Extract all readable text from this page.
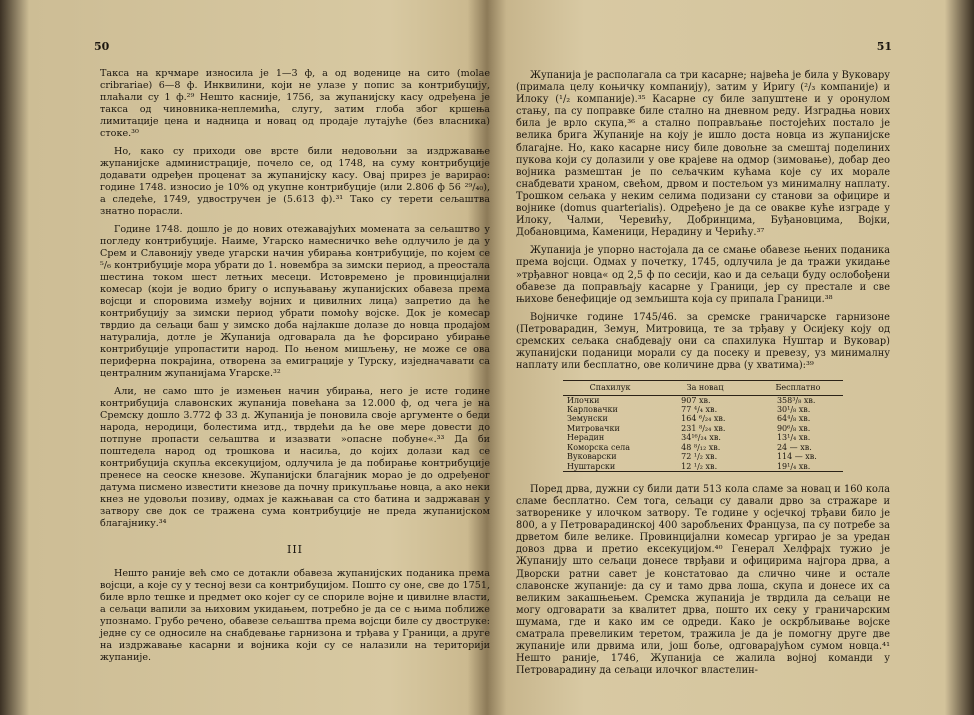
50

Такса на крчмаре износила је 1—3 ф, а од воденице на сито (molae cribrariae) 6—8 ф. Инквилини, који не улазе у попис за контрибуцију, плаћали су 1 ф.²⁹ Нешто касније, 1756, за жупанијску касу одређена је такса од чиновника-неплемића, слугу, затим глоба због кршења лимитације цена и надница и новац од продаје лутајуће (без власника) стоке.³⁰

Но, како су приходи ове врсте били недовољни за издржавање жупанијске администрације, почело се, од 1748, на суму контрибуције додавати одређен проценат за жупанијску касу. Овај прирез је варирао: године 1748. износио је 10% од укупне контрибуције (или 2.806 ф 56 ²⁹/₄₀), а следеће, 1749, удвостручен је (5.613 ф).³¹ Тако су терети сељаштва знатно порасли.

Године 1748. дошло је до нових отежавајућих момената за сељаштво у погледу контрибуције. Наиме, Угарско намесничко веће одлучило је да у Срем и Славонију уведе угарски начин убирања контрибуције, по којем се ⁵/₆ контрибуције мора убрати до 1. новембра за зимски период, а преостала шестина током шест летњих месеци. Истовремено је провинцијални комесар (који је водио бригу о испуњавању жупанијских обавеза према војсци и споровима између војних и цивилних лица) запретио да ће контрибуцију за зимски период убрати помоћу војске. Док је комесар тврдио да сељаци баш у зимско доба најлакше долазе до новца продајом натуралија, дотле је Жупанија одговарала да ће форсирано убирање контрибуције упропастити народ. По њеном мишљењу, не може се ова периферна покрајина, отворена за емиграције у Турску, изједначавати са централним жупанијама Угарске.³²

Али, не само што је измењен начин убирања, него је исте године контрибуција славонских жупанија повећана за 12.000 ф, од чега је на Сремску дошло 3.772 ф 33 д. Жупанија је поновила своје аргументе о беди народа, неродици, болестима итд., тврдећи да ће ове мере довести до потпуне пропасти сељаштва и изазвати »опасне побуне«.³³ Да би поштедела народ од трошкова и насиља, до којих долази кад се контрибуција скупља ексекуцијом, одлучила је да побирање контрибуције пренесе на сеоске кнезове. Жупанијски благајник морао је до одређеног датума писмено известити кнезове да почну прикупљање новца, а ако неки кнез не удовољи позиву, одмах је кажњаван са сто батина и задржаван у затвору све док се тражена сума контрибуције не преда жупанијском благајнику.³⁴

III

Нешто раније већ смо се дотакли обавеза жупанијских поданика према војсци, а које су у тесној вези са контрибуцијом. Пошто су оне, све до 1751, биле врло тешке и предмет око којег су се спориле војне и цивилне власти, а сељаци вапили за њиховим укидањем, потребно је да се с њима поближе упознамо. Грубо речено, обавезе сељаштва према војсци биле су двоструке: једне су се односиле на снабдевање гарнизона и трђава у Граници, а друге на издржавање касарни и војника који су се налазили на територији жупаније.

51

Жупанија је располагала са три касарне; највећа је била у Вуковару (примала целу коњичку компанију), затим у Иригу (²/₃ компаније) и Илоку (¹/₂ компаније).³⁵ Касарне су биле запуштене и у оронулом стању, па су поправке биле стално на дневном реду. Изградња нових била је врло скупа,³⁶ а стално поправљање постојећих постало је велика брига Жупаније на коју је ишло доста новца из жупанијске благајне. Но, како касарне нису биле довољне за смештај поделиних пукова који су долазили у ове крајеве на одмор (зимовање), добар део војника размештан је по сељачким кућама које су их морале снабдевати храном, свећом, дрвом и постељом уз минималну наплату. Трошком сељака у неким селима подизани су станови за официре и војнике (domus quarterialis). Одређено је да се овакве куће изграде у Илоку, Чалми, Черевићу, Добринцима, Буђановцима, Војки, Добановцима, Каменици, Нерадину и Черићу.³⁷

Жупанија је упорно настојала да се смање обавезе њених поданика према војсци. Одмах у почетку, 1745, одлучила је да тражи укидање »трђавног новца« од 2,5 ф по сесији, као и да сељаци буду ослобођени обавезе да поправљају касарне у Граници, јер су престале и све њихове бенефиције од земљишта која су припала Граници.³⁸

Војничке године 1745/46. за сремске граничарске гарнизоне (Петроварадин, Земун, Митровица, те за трђаву у Осијеку коју од сремских сељака снабдевају они са спахилука Нуштар и Вуковар) жупанијски поданици морали су да посеку и превезу, уз минималну наплату или бесплатно, ове количине дрва (у хватима):³⁹

Спахилук	За новац	Бесплатно
Илочки	907 хв.	358³/₈ хв.
Карловачки	77 ⁴/₄ хв.	30¹/₈ хв.
Земунски	164 ⁶/₂₄ хв.	64⁴/₈ хв.
Митровачки	231 ⁸/₂₄ хв.	90⁶/₈ хв.
Нерадин	34¹⁶/₂₄ хв.	13¹/₄ хв.
Коморска села	48 ⁸/₁₂ хв.	24 — хв.
Вуковарски	72 ¹/₂ хв.	114 — хв.
Нуштарски	12 ¹/₂ хв.	19¹/₄ хв.

Поред дрва, дужни су били дати 513 кола сламе за новац и 160 кола сламе бесплатно. Сем тога, сељаци су давали дрво за стражаре и затворенике у илочком затвору. Те године у осјечкој трђави било је 800, а у Петроварадинској 400 заробљених Француза, па су потребе за дрветом биле велике. Провинцијални комесар ургирао је за уредан довоз дрва и претио ексекуцијом.⁴⁰ Генерал Хелфрајх тужио је Жупанију што сељаци донесе тврђави и официрима најгора дрва, а Дворски ратни савет је констатовао да слично чине и остале славонске жупаније: да су и тамо дрва лоша, скупа и донесе их са великим закашњењем. Сремска жупанија је тврдила да сељаци не могу одговарати за квалитет дрва, пошто их секу у граничарским шумама, где и како им се одреди. Како је оскрбљивање војске сматрала превеликим теретом, тражила је да је помогну друге две жупаније или дрвима или, још боље, одговарајућом сумом новца.⁴¹ Нешто раније, 1746, Жупанија се жалила војној команди у Петроварадину да сељаци илочког властелин-
